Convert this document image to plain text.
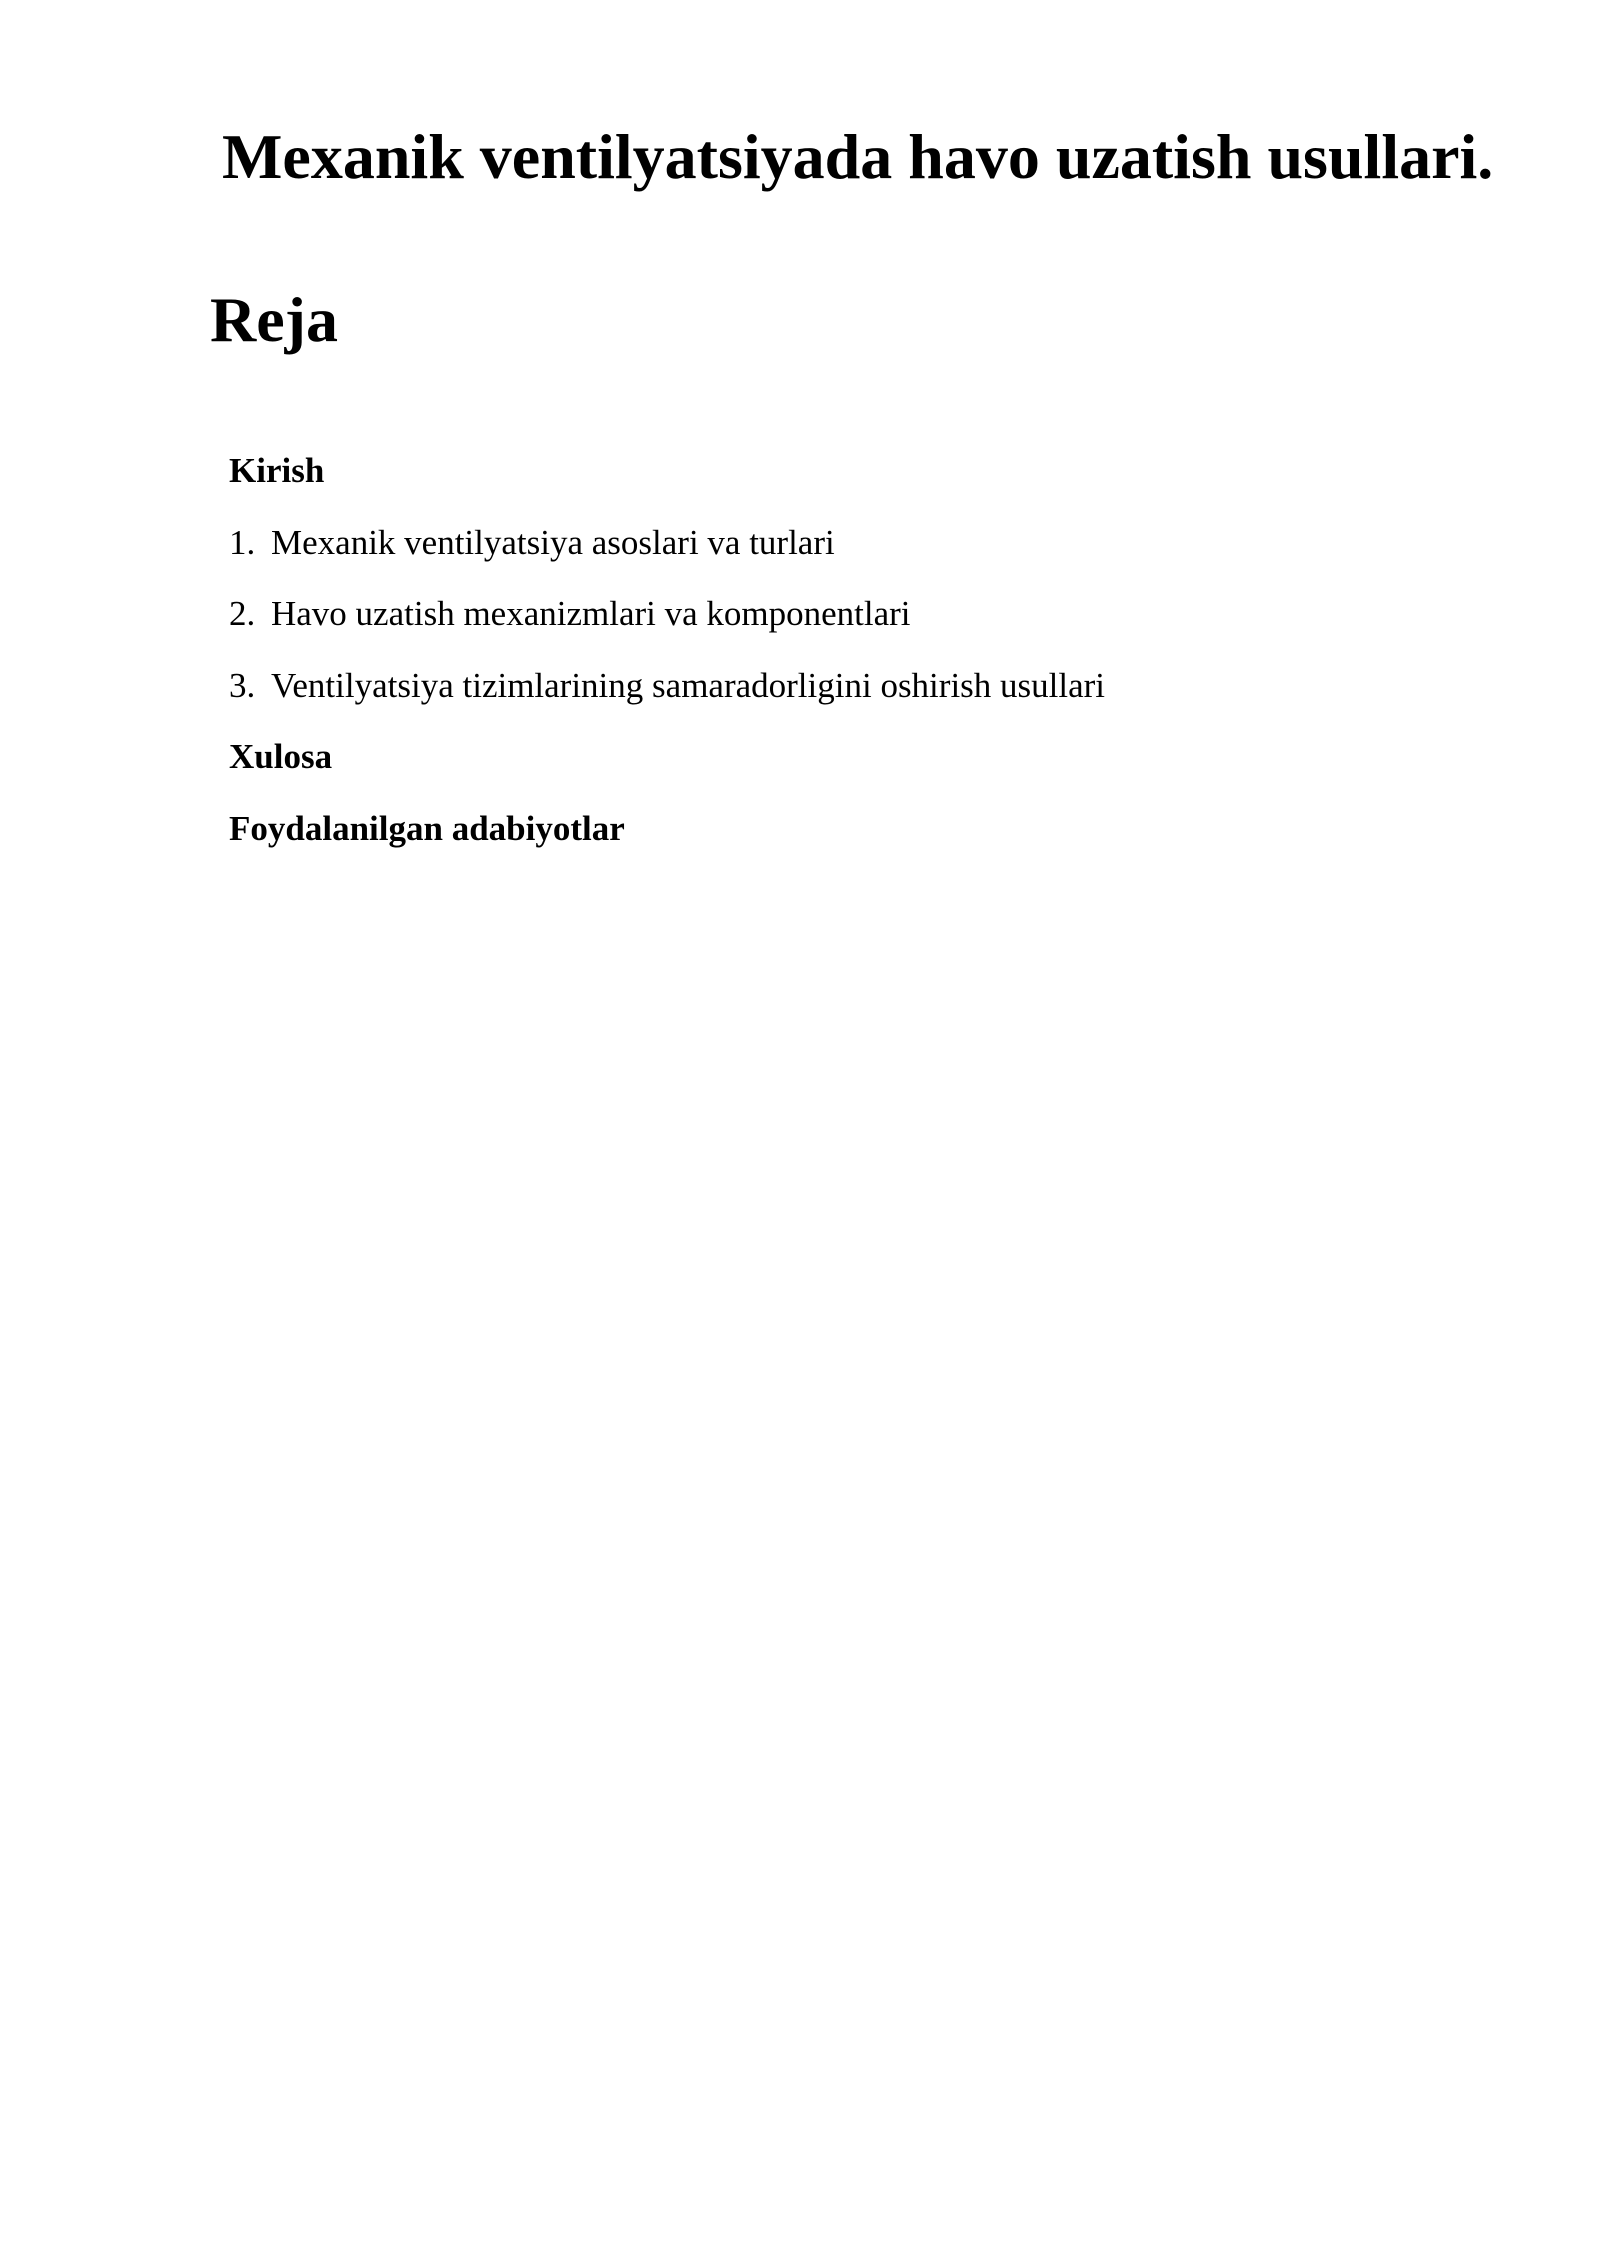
Mexanik ventilyatsiyada havo uzatish usullari.
Reja
Kirish
1. Mexanik ventilyatsiya asoslari va turlari
2. Havo uzatish mexanizmlari va komponentlari
3. Ventilyatsiya tizimlarining samaradorligini oshirish usullari
Xulosa
Foydalanilgan adabiyotlar
